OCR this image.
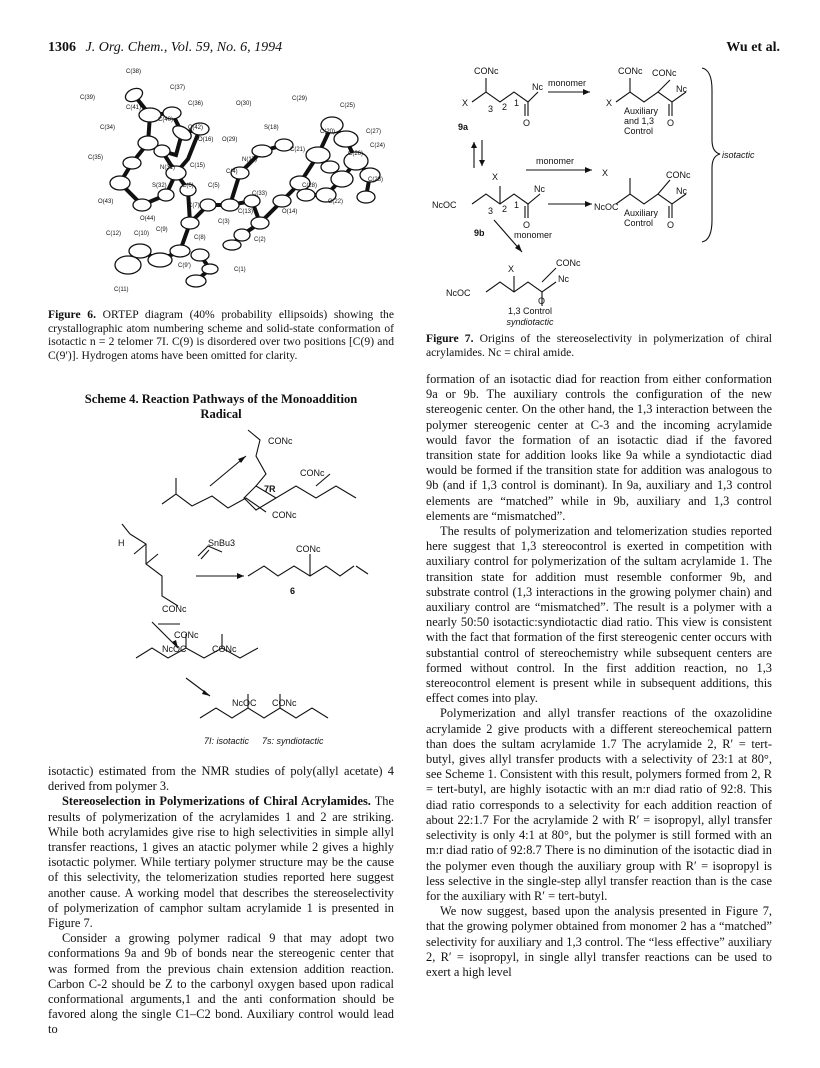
1306 J. Org. Chem., Vol. 59, No. 6, 1994	Wu et al.
C(38)
C(37)
C(39)
C(41)
C(36)
C(40)
O(30)
C(29)
C(25)
C(42)	S(18)
C(20)	C(27)
C(34)
O(16) O(29)
C(26)
C(24)
C(35)
C(15)
N(17)
C(21)
C(23)
N(31)
C(4)
C(33)
C(28)
C(22)
S(32)	C(6) C(5)
O(43)
C(7)
C(13)
C(3)
O(14)
C(12) C(10)
C(9)
C(8)	C(2)
C(9')
C(1)
C(11)
O(44)
Figure 6. ORTEP diagram (40% probability ellipsoids) showing the crystallographic atom numbering scheme and solid-state conformation of isotactic n = 2 telomer 7I. C(9) is disordered over two positions [C(9) and C(9′)]. Hydrogen atoms have been omitted for clarity.
Scheme 4. Reaction Pathways of the Monoaddition
Radical
CONc
CONc
7R
CONc
SnBu3
H
CONc
CONc
6
CONc
NcOC	CONc
NcOC CONc
7I: isotactic 7s: syndiotactic

isotactic) estimated from the NMR studies of poly(allyl acetate) 4 derived from polymer 3.

Stereoselection in Polymerizations of Chiral Acrylamides. The results of polymerization of the acrylamides 1 and 2 are striking. While both acrylamides give rise to high selectivities in simple allyl transfer reactions, 1 gives an atactic polymer while 2 gives a highly isotactic polymer. While tertiary polymer structure may be the cause of this selectivity, the telomerization studies reported here suggest another cause. A working model that describes the stereoselectivity of polymerization of camphor sultam acrylamide 1 is presented in Figure 7.

Consider a growing polymer radical 9 that may adopt two conformations 9a and 9b of bonds near the stereogenic center that was formed from the previous chain extension addition reaction. Carbon C-2 should be Z to the carbonyl oxygen based upon radical conformational arguments,1 and the anti conformation should be favored along the single C1–C2 bond. Auxiliary control would lead to

CONc
X
Nc monomer
3 2 1
O
9a
CONc CONc
X
Nc
Auxiliary
and 1,3
Control
O
isotactic
monomer
X
Nc
NcOC
3 2 1
O
X	CONc
NcOC
Nc
Auxiliary
Control O
9b	monomer
X
CONc
Nc
NcOC
O
1,3 Control
syndiotactic
Figure 7. Origins of the stereoselectivity in polymerization of chiral acrylamides. Nc = chiral amide.

formation of an isotactic diad for reaction from either conformation 9a or 9b. The auxiliary controls the configuration of the new stereogenic center. On the other hand, the 1,3 interaction between the polymer stereogenic center at C-3 and the incoming acrylamide would favor the formation of an isotactic diad if the favored transition state for addition looks like 9a while a syndiotactic diad would be formed if the transition state for addition was analogous to 9b (and if 1,3 control is dominant). In 9a, auxiliary and 1,3 control elements are “matched” while in 9b, auxiliary and 1,3 control elements are “mismatched”.

The results of polymerization and telomerization studies reported here suggest that 1,3 stereocontrol is exerted in competition with auxiliary control for polymerization of the sultam acrylamide 1. The transition state for addition must resemble conformer 9b, and substrate control (1,3 interactions in the growing polymer chain) and auxiliary control are “mismatched”. The result is a polymer with a nearly 50:50 isotactic:syndiotactic diad ratio. This view is consistent with the fact that formation of the first stereogenic center occurs with substantial control of stereochemistry while subsequent centers are formed without control. In the first addition reaction, no 1,3 stereocontrol element is present while in subsequent additions, this effect comes into play.

Polymerization and allyl transfer reactions of the oxazolidine acrylamide 2 give products with a different stereochemical pattern than does the sultam acrylamide 1.7 The acrylamide 2, R′ = tert-butyl, gives allyl transfer products with a selectivity of 23:1 at 80°, see Scheme 1. Consistent with this result, polymers formed from 2, R = tert-butyl, are highly isotactic with an m:r diad ratio of 92:8. This diad ratio corresponds to a selectivity for each addition reaction of about 22:1.7 For the acrylamide 2 with R′ = isopropyl, allyl transfer selectivity is only 4:1 at 80°, but the polymer is still formed with an m:r diad ratio of 92:8.7 There is no diminution of the isotactic diad in the polymer even though the auxiliary group with R′ = isopropyl is less selective in the single-step allyl transfer reaction than is the case for the auxiliary with R′ = tert-butyl.

We now suggest, based upon the analysis presented in Figure 7, that the growing polymer obtained from monomer 2 has a “matched” selectivity for auxiliary and 1,3 control. The “less effective” auxiliary 2, R′ = isopropyl, in single allyl transfer reactions can be used to exert a high level
